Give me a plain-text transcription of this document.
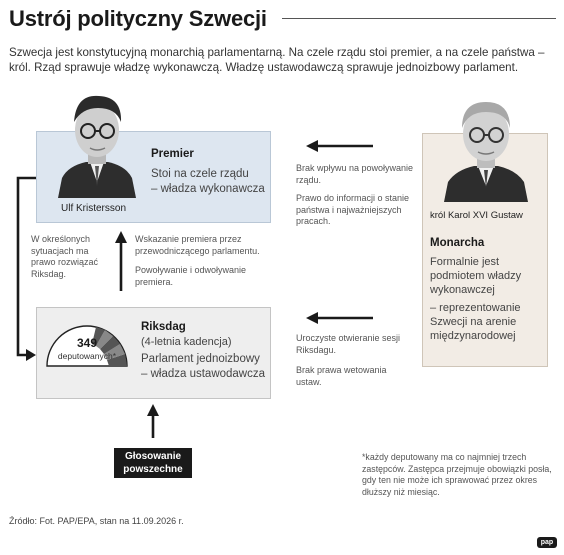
Ustrój polityczny Szwecji
Szwecja jest konstytucyjną monarchią parlamentarną. Na czele rządu stoi premier, a na czele państwa – król. Rząd sprawuje władzę wykonawczą. Władzę ustawodawczą sprawuje jednoizbowy parlament.
Premier
Stoi na czele rządu
– władza wykonawcza
Ulf Kristersson
Riksdag
(4-letnia kadencja)
Parlament jednoizbowy
– władza ustawodawcza
349
deputowanych*
król Karol XVI Gustaw
Monarcha
Formalnie jest podmiotem władzy wykonawczej
– reprezentowanie Szwecji na arenie międzynarodowej
Brak wpływu na powoływanie rządu.
Prawo do informacji o stanie państwa i najważniejszych pracach.
Wskazanie premiera przez przewodniczącego parlamentu.
Powoływanie i odwoływanie premiera.
W określonych sytuacjach ma prawo rozwiązać Riksdag.
Uroczyste otwieranie sesji Riksdagu.
Brak prawa wetowania ustaw.
Głosowanie
powszechne
*każdy deputowany ma co najmniej trzech zastępców. Zastępca przejmuje obowiązki posła, gdy ten nie może ich sprawować przez okres dłuższy niż miesiąc.
Źródło: Fot. PAP/EPA, stan na 11.09.2026 r.
pap
